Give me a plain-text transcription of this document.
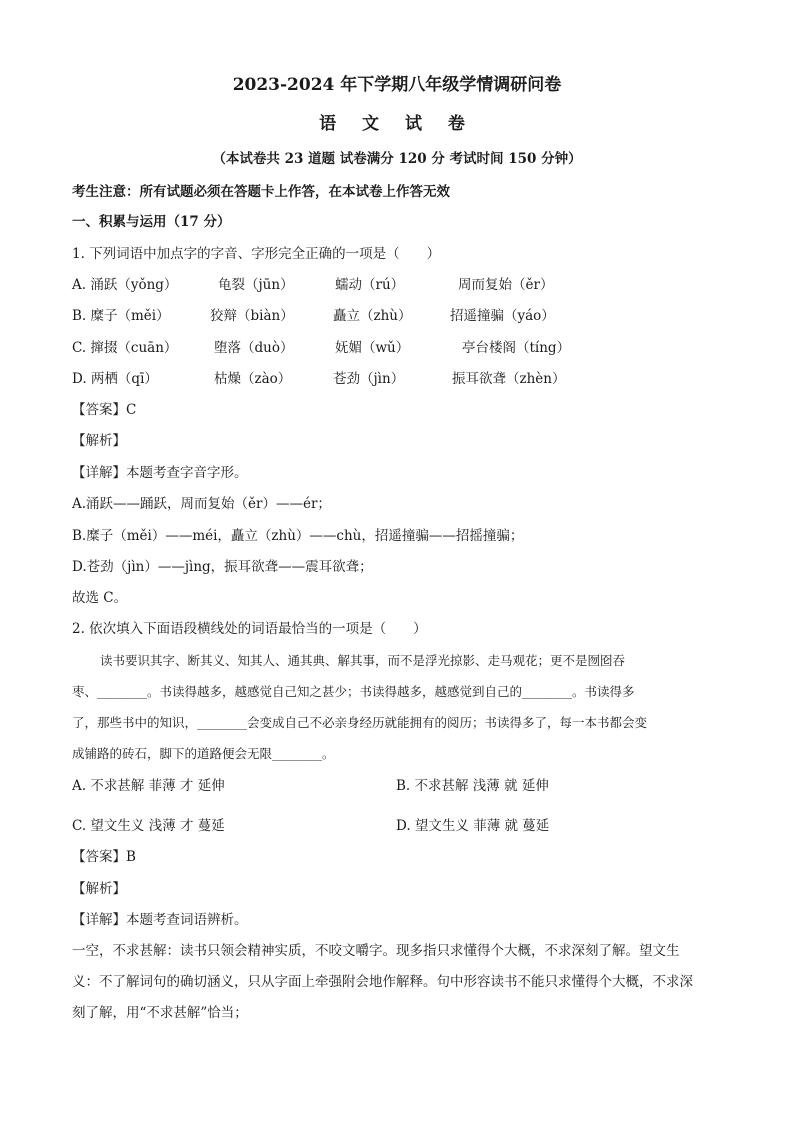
2023-2024 年下学期八年级学情调研问卷
语 文 试 卷
（本试卷共 23 道题 试卷满分 120 分 考试时间 150 分钟）
考生注意：所有试题必须在答题卡上作答，在本试卷上作答无效
一、积累与运用（17 分）
1. 下列词语中加点字的字音、字形完全正确的一项是（　　）
A. 涌跃（yǒng）	龟裂（jūn）	蠕动（rú）	周而复始（ěr）
B. 糜子（měi）	狡辩（biàn）	矗立（zhù）	招遥撞骗（yáo）
C. 撺掇（cuān）	堕落（duò）	妩媚（wǔ）	亭台楼阁（tíng）
D. 两栖（qī）	枯燥（zào）	苍劲（jìn）	振耳欲聋（zhèn）
【答案】C
【解析】
【详解】本题考查字音字形。
A.涌跃——踊跃，周而复始（ěr）——ér；
B.糜子（měi）——méi，矗立（zhù）——chù，招遥撞骗——招摇撞骗；
D.苍劲（jìn）——jìng，振耳欲聋——震耳欲聋；
故选 C。
2. 依次填入下面语段横线处的词语最恰当的一项是（　　）
读书要识其字、断其义、知其人、通其典、解其事，而不是浮光掠影、走马观花；更不是囫囵吞
枣、________。书读得越多，越感觉自己知之甚少；书读得越多，越感觉到自己的________。书读得多
了，那些书中的知识，________会变成自己不必亲身经历就能拥有的阅历；书读得多了，每一本书都会变
成铺路的砖石，脚下的道路便会无限________。
A. 不求甚解 菲薄 才 延伸	B. 不求甚解 浅薄 就 延伸
C. 望文生义 浅薄 才 蔓延	D. 望文生义 菲薄 就 蔓延
【答案】B
【解析】
【详解】本题考查词语辨析。
一空，不求甚解：读书只领会精神实质，不咬文嚼字。现多指只求懂得个大概，不求深刻了解。望文生
义：不了解词句的确切涵义，只从字面上牵强附会地作解释。句中形容读书不能只求懂得个大概，不求深
刻了解，用“不求甚解”恰当；
